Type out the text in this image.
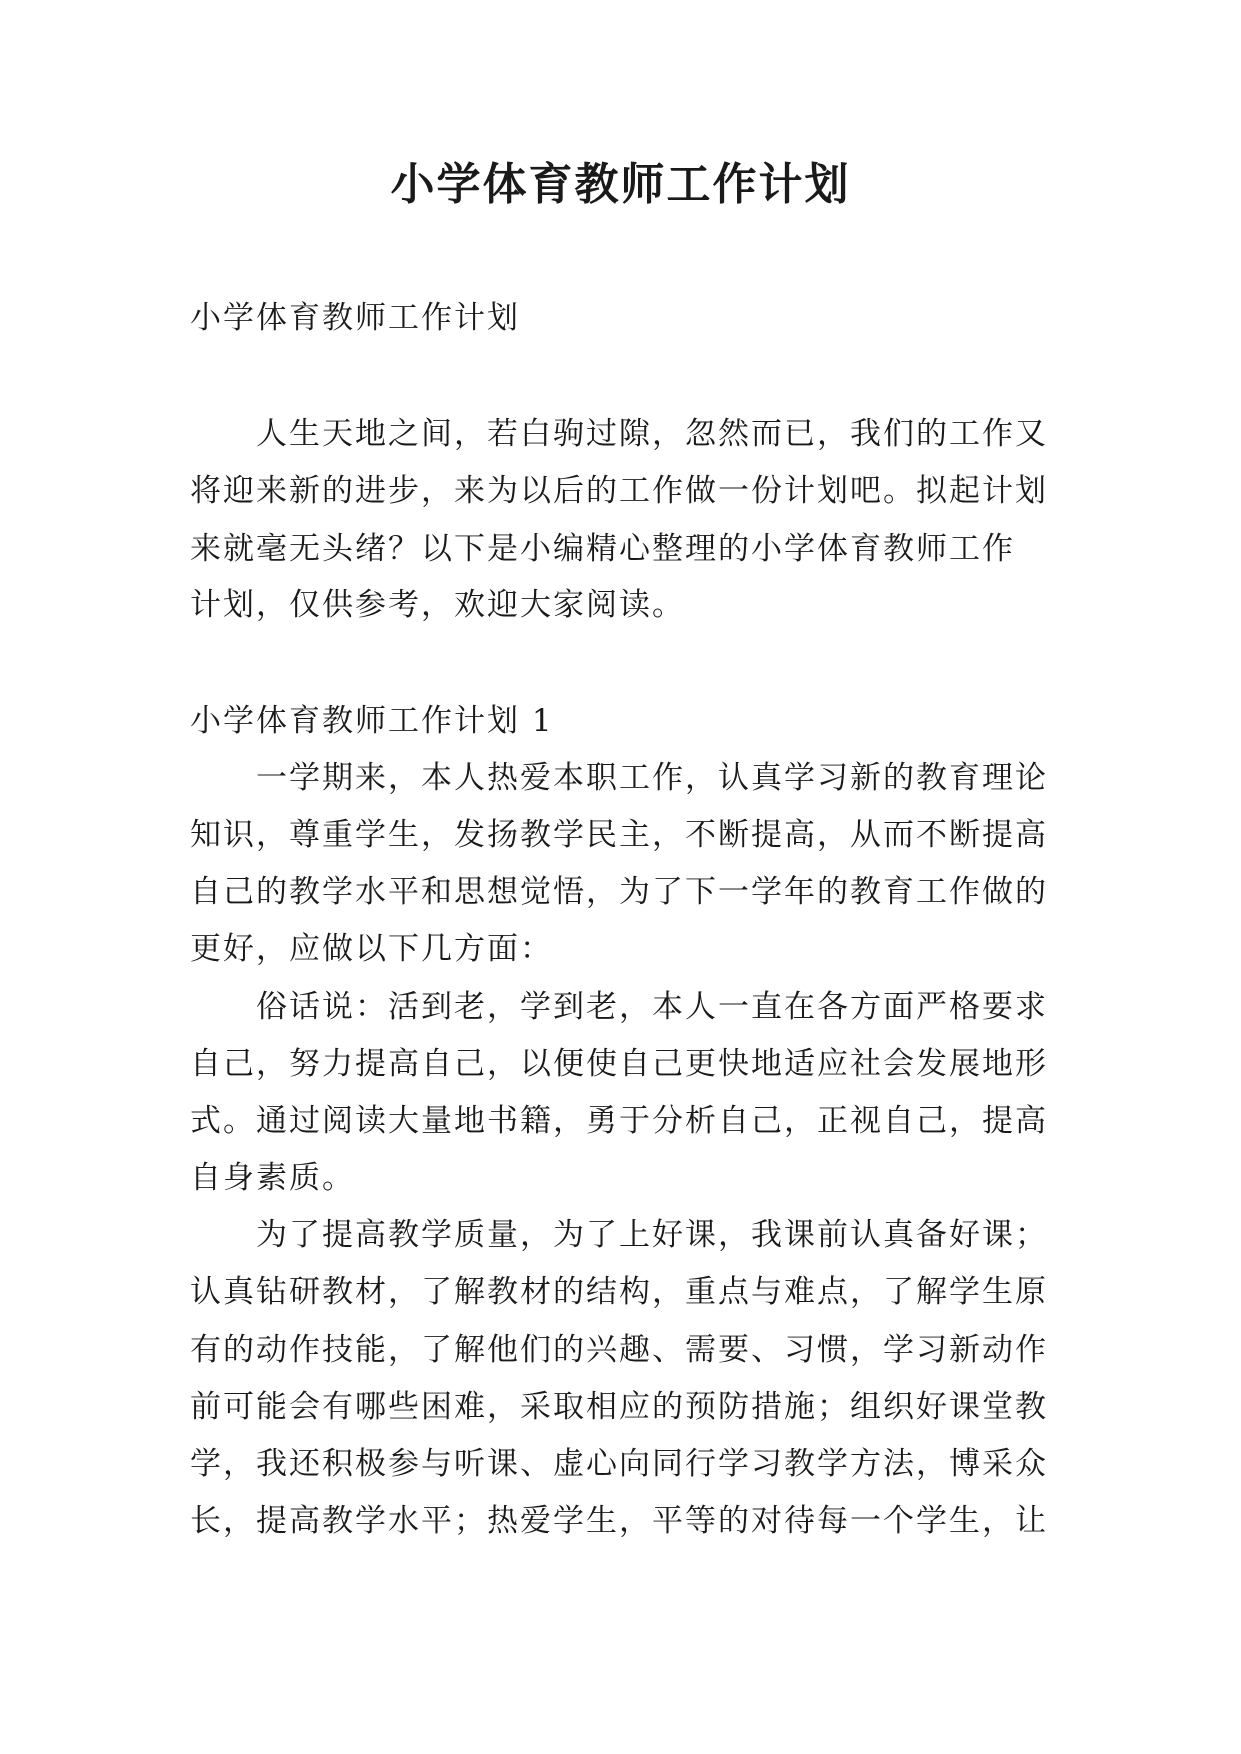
小学体育教师工作计划
小学体育教师工作计划
　　人生天地之间，若白驹过隙，忽然而已，我们的工作又
将迎来新的进步，来为以后的工作做一份计划吧。拟起计划
来就毫无头绪？以下是小编精心整理的小学体育教师工作
计划，仅供参考，欢迎大家阅读。
小学体育教师工作计划 1
　　一学期来，本人热爱本职工作，认真学习新的教育理论
知识，尊重学生，发扬教学民主，不断提高，从而不断提高
自己的教学水平和思想觉悟，为了下一学年的教育工作做的
更好，应做以下几方面：
　　俗话说：活到老，学到老，本人一直在各方面严格要求
自己，努力提高自己，以便使自己更快地适应社会发展地形
式。通过阅读大量地书籍，勇于分析自己，正视自己，提高
自身素质。
　　为了提高教学质量，为了上好课，我课前认真备好课；
认真钻研教材，了解教材的结构，重点与难点，了解学生原
有的动作技能，了解他们的兴趣、需要、习惯，学习新动作
前可能会有哪些困难，采取相应的预防措施；组织好课堂教
学，我还积极参与听课、虚心向同行学习教学方法，博采众
长，提高教学水平；热爱学生，平等的对待每一个学生，让
